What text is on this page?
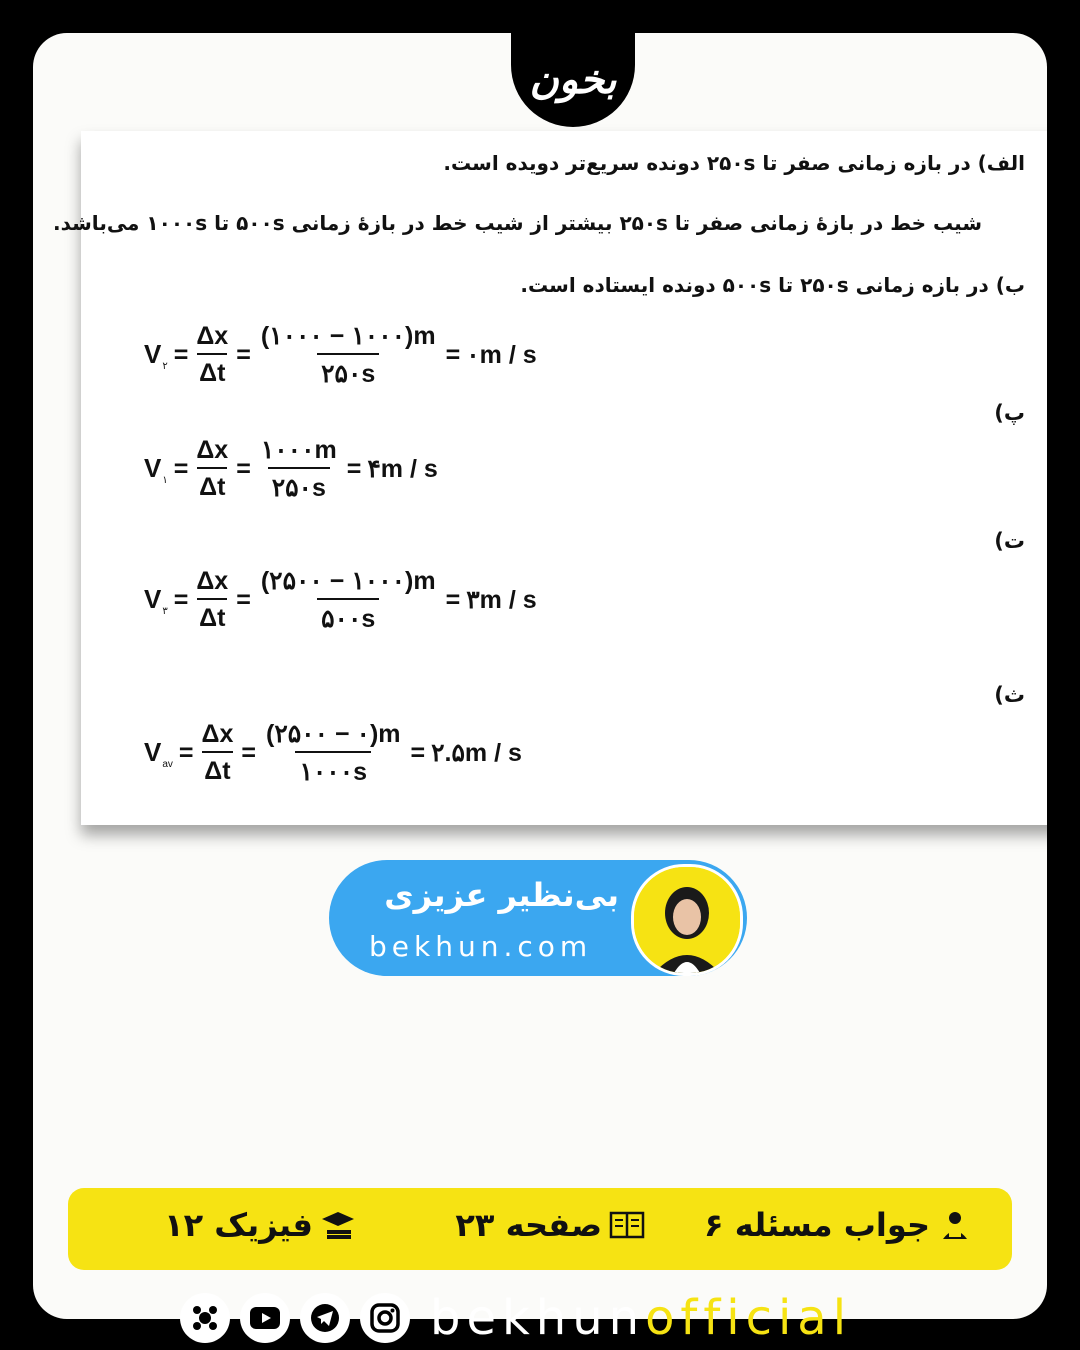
بخون
الف) در بازه زمانی صفر تا ۲۵۰s دونده سریع‌تر دویده است.
شیب خط در بازهٔ زمانی صفر تا ۲۵۰s بیشتر از شیب خط در بازهٔ زمانی ۵۰۰s تا ۱۰۰۰s می‌باشد.
ب) در بازه زمانی ۲۵۰s تا ۵۰۰s دونده ایستاده است.
$V_۲ = \frac{\Delta x}{\Delta t} = \frac{(۱۰۰۰ - ۱۰۰۰)m}{۲۵۰s}$ = ۰m / s
پ)
$V_۱ = \frac{\Delta x}{\Delta t} = \frac{۱۰۰۰m}{۲۵۰s}$ = ۴m / s
ت)
$V_۳ = \frac{\Delta x}{\Delta t} = \frac{(۲۵۰۰ - ۱۰۰۰)m}{۵۰۰s}$ = ۳m / s
ث)
$V_{av} = \frac{\Delta x}{\Delta t} = \frac{(۲۵۰۰ - ۰)m}{۱۰۰۰s}$ = ۲.۵m / s
بی‌نظیر عزیزی
bekhun.com
جواب مسئله ۶
صفحه ۲۳
فیزیک ۱۲
bekhunofficial
